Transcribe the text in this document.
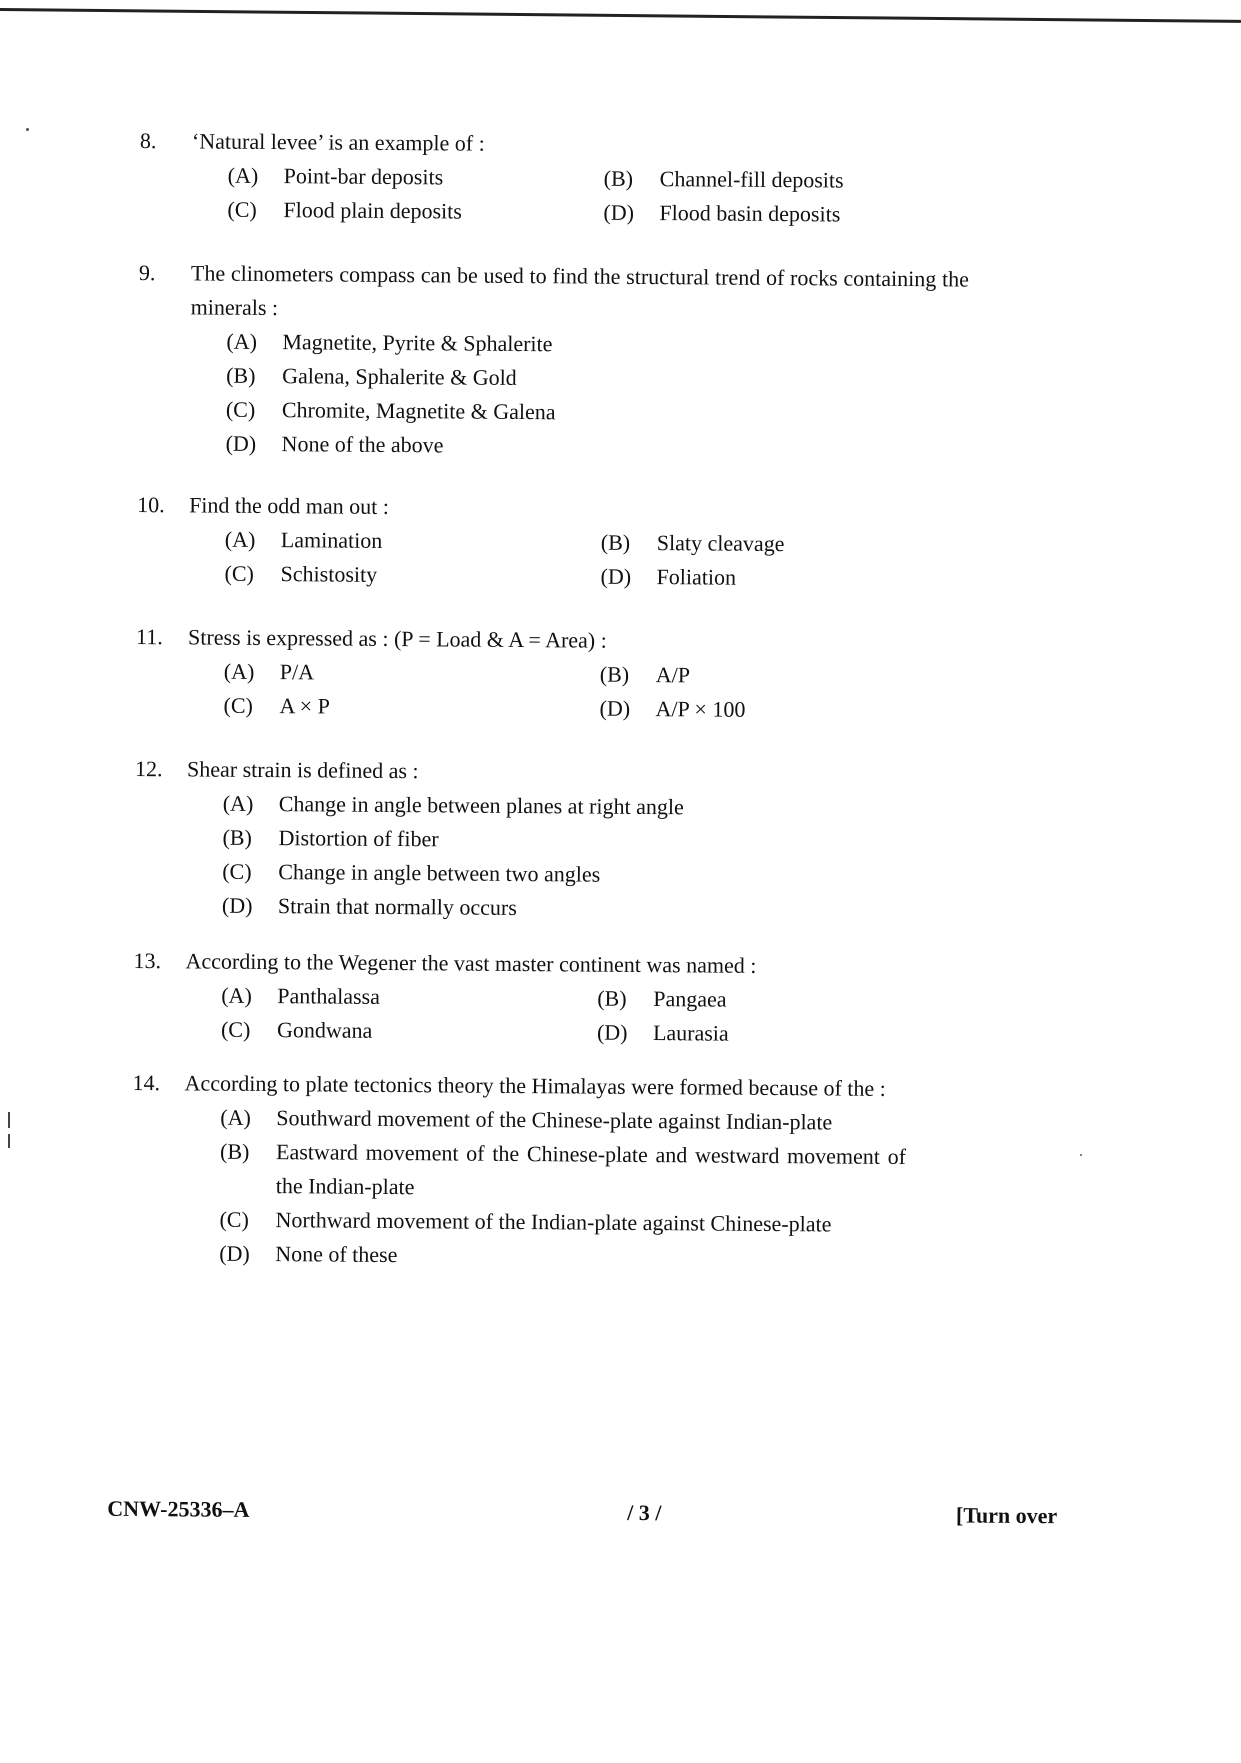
8.	‘Natural levee’ is an example of :
(A)	Point-bar deposits	(B)	Channel-fill deposits
(C)	Flood plain deposits	(D)	Flood basin deposits
9.	The clinometers compass can be used to find the structural trend of rocks containing the minerals :
(A)	Magnetite, Pyrite & Sphalerite
(B)	Galena, Sphalerite & Gold
(C)	Chromite, Magnetite & Galena
(D)	None of the above
10.	Find the odd man out :
(A)	Lamination	(B)	Slaty cleavage
(C)	Schistosity	(D)	Foliation
11.	Stress is expressed as : (P = Load & A = Area) :
(A)	P/A	(B)	A/P
(C)	A × P	(D)	A/P × 100
12.	Shear strain is defined as :
(A)	Change in angle between planes at right angle
(B)	Distortion of fiber
(C)	Change in angle between two angles
(D)	Strain that normally occurs
13.	According to the Wegener the vast master continent was named :
(A)	Panthalassa	(B)	Pangaea
(C)	Gondwana	(D)	Laurasia
14.	According to plate tectonics theory the Himalayas were formed because of the :
(A)	Southward movement of the Chinese-plate against Indian-plate
(B)	Eastward movement of the Chinese-plate and westward movement of the Indian-plate
(C)	Northward movement of the Indian-plate against Chinese-plate
(D)	None of these
CNW-25336–A	/ 3 /	[Turn over
